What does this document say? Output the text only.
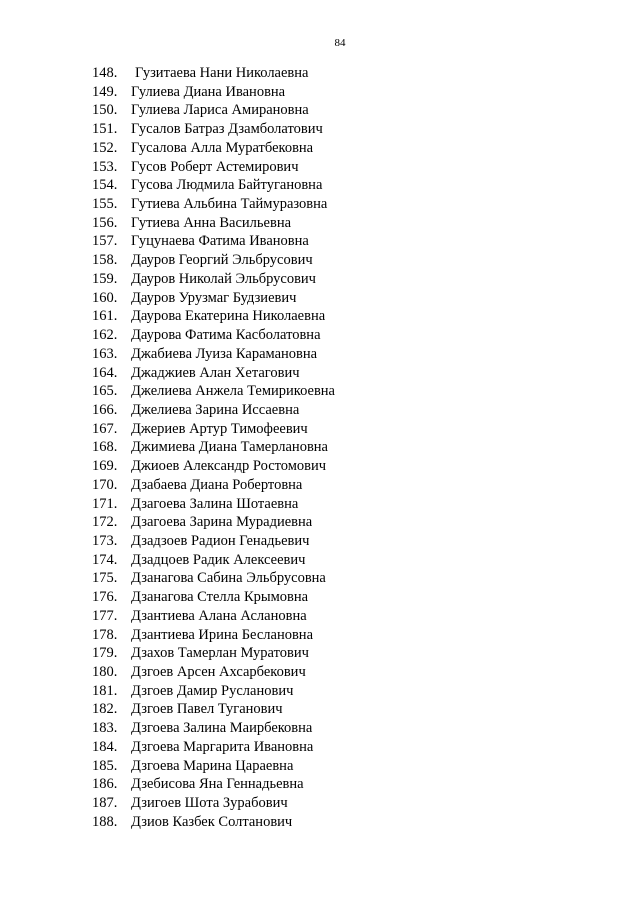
84
148.	Гузитаева Нани Николаевна
149. Гулиева Диана Ивановна
150. Гулиева Лариса Амирановна
151. Гусалов Батраз Дзамболатович
152. Гусалова Алла Муратбековна
153. Гусов Роберт Астемирович
154. Гусова Людмила Байтугановна
155. Гутиева Альбина Таймуразовна
156. Гутиева Анна Васильевна
157. Гуцунаева Фатима Ивановна
158. Дауров Георгий Эльбрусович
159. Дауров Николай Эльбрусович
160. Дауров Урузмаг Будзиевич
161. Даурова Екатерина Николаевна
162. Даурова Фатима Касболатовна
163. Джабиева Луиза Карамановна
164. Джаджиев Алан Хетагович
165. Джелиева Анжела Темирикоевна
166. Джелиева Зарина Иссаевна
167. Джериев Артур Тимофеевич
168. Джимиева Диана Тамерлановна
169. Джиоев Александр Ростомович
170. Дзабаева Диана Робертовна
171. Дзагоева Залина Шотаевна
172. Дзагоева Зарина Мурадиевна
173. Дзадзоев Радион Генадьевич
174. Дзадцоев Радик Алексеевич
175. Дзанагова Сабина Эльбрусовна
176. Дзанагова Стелла Крымовна
177. Дзантиева Алана Аслановна
178. Дзантиева Ирина Беслановна
179. Дзахов Тамерлан Муратович
180. Дзгоев Арсен Ахсарбекович
181. Дзгоев Дамир Русланович
182. Дзгоев Павел Туганович
183. Дзгоева Залина Маирбековна
184. Дзгоева Маргарита Ивановна
185. Дзгоева Марина Цараевна
186. Дзебисова Яна Геннадьевна
187. Дзигоев Шота Зурабович
188. Дзиов Казбек Солтанович
